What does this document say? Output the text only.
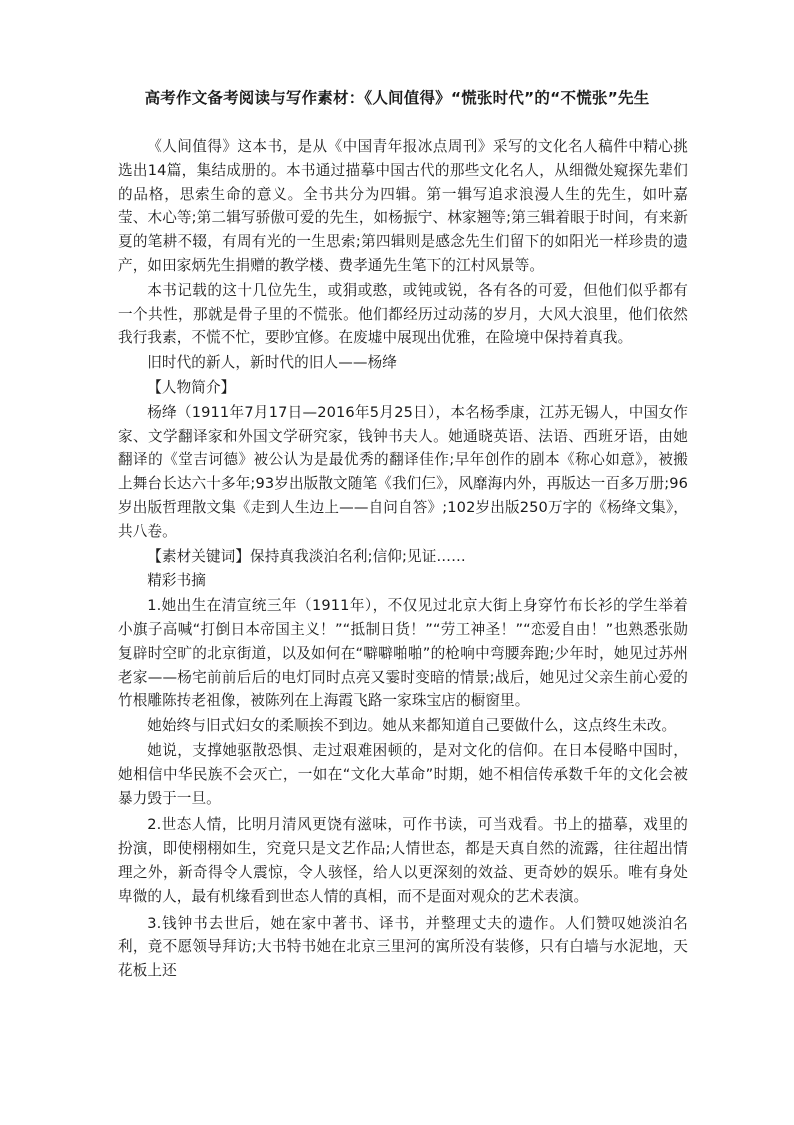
高考作文备考阅读与写作素材：《人间值得》“慌张时代”的“不慌张”先生

《人间值得》这本书，是从《中国青年报冰点周刊》采写的文化名人稿件中精心挑选出14篇，集结成册的。本书通过描摹中国古代的那些文化名人，从细微处窥探先辈们的品格，思索生命的意义。全书共分为四辑。第一辑写追求浪漫人生的先生，如叶嘉莹、木心等;第二辑写骄傲可爱的先生，如杨振宁、林家翘等;第三辑着眼于时间，有来新夏的笔耕不辍，有周有光的一生思索;第四辑则是感念先生们留下的如阳光一样珍贵的遗产，如田家炳先生捐赠的教学楼、费孝通先生笔下的江村风景等。

本书记载的这十几位先生，或狷或憨，或钝或锐，各有各的可爱，但他们似乎都有一个共性，那就是骨子里的不慌张。他们都经历过动荡的岁月，大风大浪里，他们依然我行我素，不慌不忙，要眇宜修。在废墟中展现出优雅，在险境中保持着真我。

旧时代的新人，新时代的旧人——杨绛

【人物简介】

杨绛（1911年7月17日—2016年5月25日），本名杨季康，江苏无锡人，中国女作家、文学翻译家和外国文学研究家，钱钟书夫人。她通晓英语、法语、西班牙语，由她翻译的《堂吉诃德》被公认为是最优秀的翻译佳作;早年创作的剧本《称心如意》，被搬上舞台长达六十多年;93岁出版散文随笔《我们仨》，风靡海内外，再版达一百多万册;96岁出版哲理散文集《走到人生边上——自问自答》;102岁出版250万字的《杨绛文集》，共八卷。

【素材关键词】保持真我淡泊名利;信仰;见证……

精彩书摘

1.她出生在清宣统三年（1911年），不仅见过北京大街上身穿竹布长衫的学生举着小旗子高喊“打倒日本帝国主义！”“抵制日货！”“劳工神圣！”“恋爱自由！”也熟悉张勋复辟时空旷的北京街道，以及如何在“噼噼啪啪”的枪响中弯腰奔跑;少年时，她见过苏州老家——杨宅前前后后的电灯同时点亮又霎时变暗的情景;战后，她见过父亲生前心爱的竹根雕陈抟老祖像，被陈列在上海霞飞路一家珠宝店的橱窗里。

她始终与旧式妇女的柔顺挨不到边。她从来都知道自己要做什么，这点终生未改。

她说，支撑她驱散恐惧、走过艰难困顿的，是对文化的信仰。在日本侵略中国时，她相信中华民族不会灭亡，一如在“文化大革命”时期，她不相信传承数千年的文化会被暴力毁于一旦。

2.世态人情，比明月清风更饶有滋味，可作书读，可当戏看。书上的描摹，戏里的扮演，即使栩栩如生，究竟只是文艺作品;人情世态，都是天真自然的流露，往往超出情理之外，新奇得令人震惊，令人骇怪，给人以更深刻的效益、更奇妙的娱乐。唯有身处卑微的人，最有机缘看到世态人情的真相，而不是面对观众的艺术表演。

3.钱钟书去世后，她在家中著书、译书，并整理丈夫的遗作。人们赞叹她淡泊名利，竟不愿领导拜访;大书特书她在北京三里河的寓所没有装修，只有白墙与水泥地，天花板上还
